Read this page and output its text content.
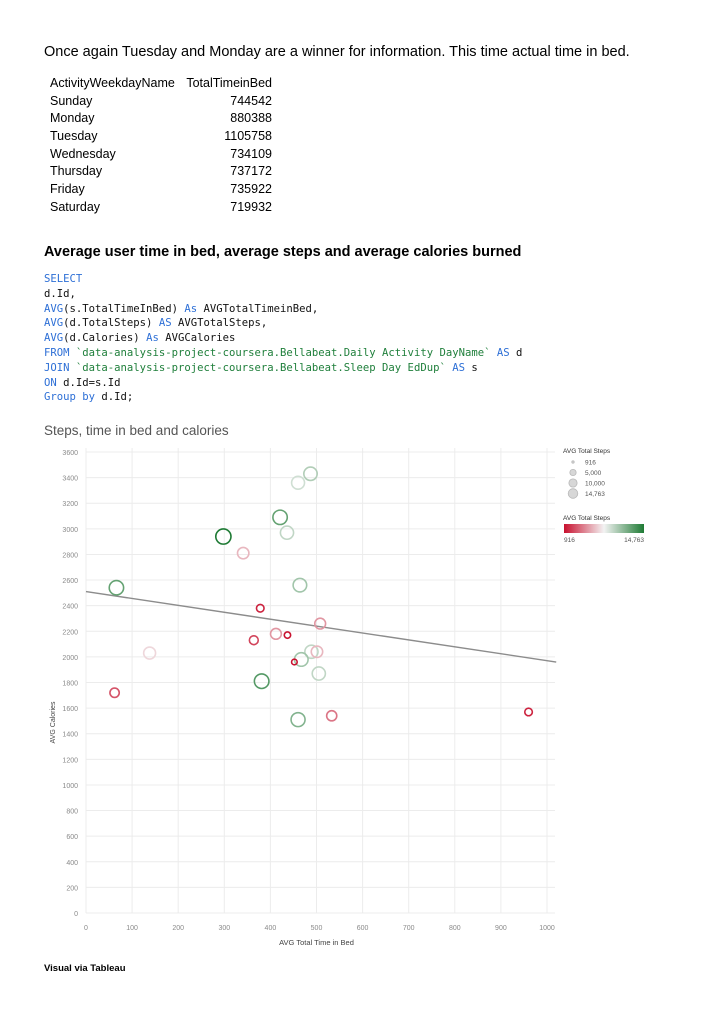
Once again Tuesday and Monday are a winner for information. This time actual time in bed.
ActivityWeekdayName	TotalTimeinBed
Sunday	744542
Monday	880388
Tuesday	1105758
Wednesday	734109
Thursday	737172
Friday	735922
Saturday	719932
Average user time in bed, average steps and average calories burned
SELECT
d.Id,
AVG(s.TotalTimeInBed) As AVGTotalTimeinBed,
AVG(d.TotalSteps) AS AVGTotalSteps,
AVG(d.Calories) As AVGCalories
FROM `data-analysis-project-coursera.Bellabeat.Daily Activity DayName` AS d
JOIN `data-analysis-project-coursera.Bellabeat.Sleep Day EdDup` AS s
ON d.Id=s.Id
Group by d.Id;
Steps, time in bed and calories
0
200
400
600
800
1000
1200
1400
1600
1800
2000
2200
2400
2600
2800
3000
3200
3400
3600
0	100	200	300	400	500	600	700	800	900	1000
AVG Total Time in Bed
AVG Calories
AVG Total Steps
916
5,000
10,000
14,763
AVG Total Steps
916	14,763
Visual via Tableau
